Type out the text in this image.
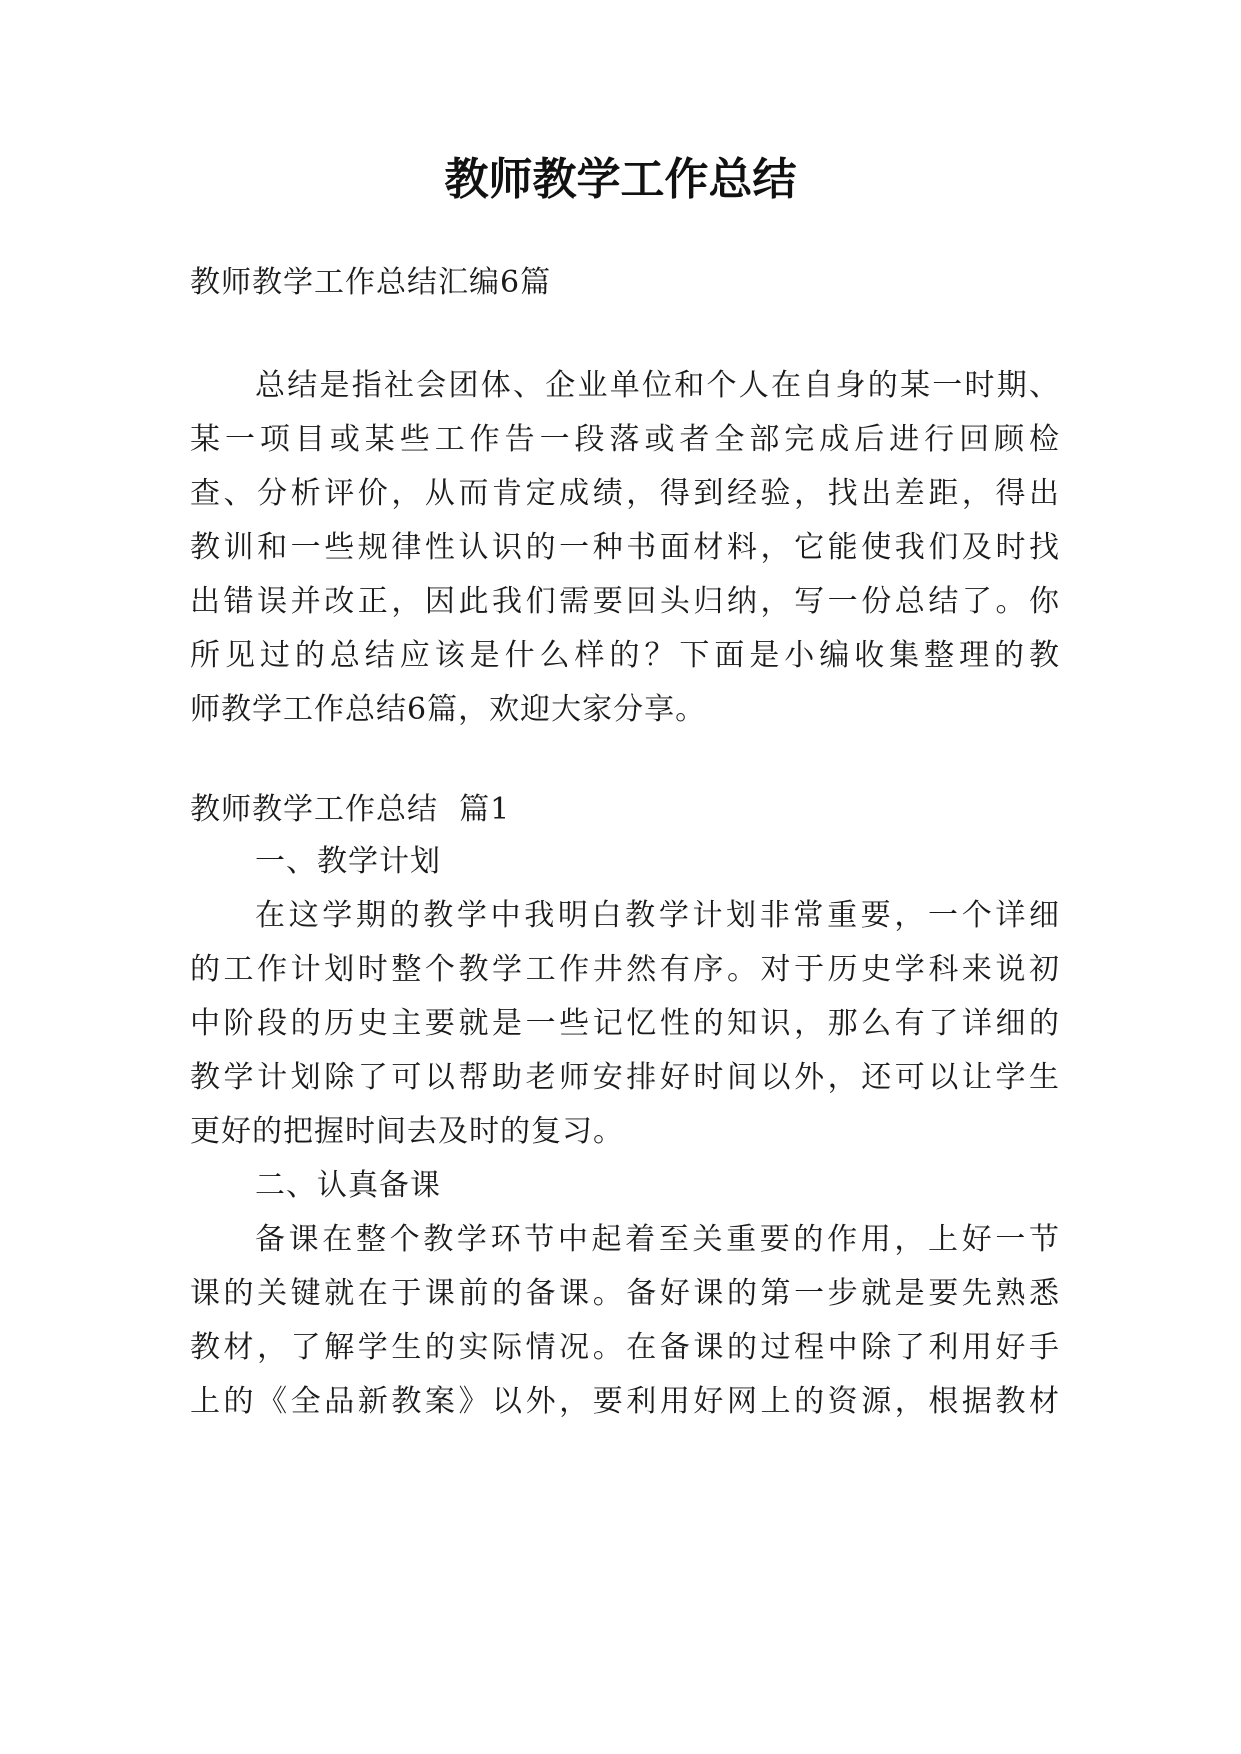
教师教学工作总结
教师教学工作总结汇编6篇
总结是指社会团体、企业单位和个人在自身的某一时期、
某一项目或某些工作告一段落或者全部完成后进行回顾检
查、分析评价，从而肯定成绩，得到经验，找出差距，得出
教训和一些规律性认识的一种书面材料，它能使我们及时找
出错误并改正，因此我们需要回头归纳，写一份总结了。你
所见过的总结应该是什么样的？下面是小编收集整理的教
师教学工作总结6篇，欢迎大家分享。
教师教学工作总结  篇1
一、教学计划
在这学期的教学中我明白教学计划非常重要，一个详细
的工作计划时整个教学工作井然有序。对于历史学科来说初
中阶段的历史主要就是一些记忆性的知识，那么有了详细的
教学计划除了可以帮助老师安排好时间以外，还可以让学生
更好的把握时间去及时的复习。
二、认真备课
备课在整个教学环节中起着至关重要的作用，上好一节
课的关键就在于课前的备课。备好课的第一步就是要先熟悉
教材，了解学生的实际情况。在备课的过程中除了利用好手
上的《全品新教案》以外，要利用好网上的资源，根据教材
